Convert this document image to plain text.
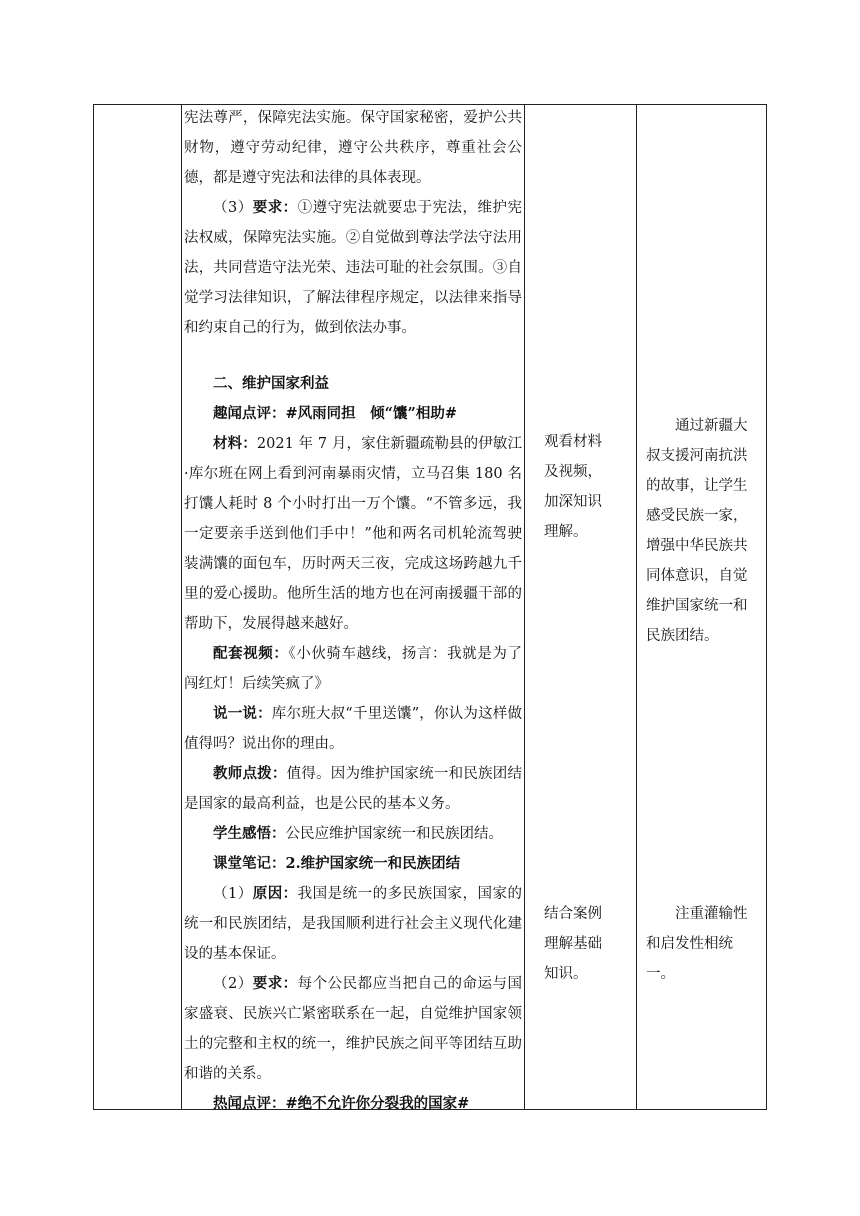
宪法尊严，保障宪法实施。保守国家秘密，爱护公共财物，遵守劳动纪律，遵守公共秩序，尊重社会公德，都是遵守宪法和法律的具体表现。

（3）要求：①遵守宪法就要忠于宪法，维护宪法权威，保障宪法实施。②自觉做到尊法学法守法用法，共同营造守法光荣、违法可耻的社会氛围。③自觉学习法律知识，了解法律程序规定，以法律来指导和约束自己的行为，做到依法办事。

二、维护国家利益

趣闻点评：#风雨同担　倾“馕”相助#

材料：2021 年 7 月，家住新疆疏勒县的伊敏江·库尔班在网上看到河南暴雨灾情，立马召集 180 名打馕人耗时 8 个小时打出一万个馕。“不管多远，我一定要亲手送到他们手中！”他和两名司机轮流驾驶装满馕的面包车，历时两天三夜，完成这场跨越九千里的爱心援助。他所生活的地方也在河南援疆干部的帮助下，发展得越来越好。

配套视频：《小伙骑车越线，扬言：我就是为了闯红灯！后续笑疯了》

说一说：库尔班大叔“千里送馕”，你认为这样做值得吗？说出你的理由。

教师点拨：值得。因为维护国家统一和民族团结是国家的最高利益，也是公民的基本义务。

学生感悟：公民应维护国家统一和民族团结。

课堂笔记：2.维护国家统一和民族团结

（1）原因：我国是统一的多民族国家，国家的统一和民族团结，是我国顺利进行社会主义现代化建设的基本保证。

（2）要求：每个公民都应当把自己的命运与国家盛衰、民族兴亡紧密联系在一起，自觉维护国家领土的完整和主权的统一，维护民族之间平等团结互助和谐的关系。

热闻点评：#绝不允许你分裂我的国家#

观看材料及视频，加深知识理解。
结合案例理解基础知识。
通过新疆大叔支援河南抗洪的故事，让学生感受民族一家，增强中华民族共同体意识，自觉维护国家统一和民族团结。
注重灌输性和启发性相统一。
